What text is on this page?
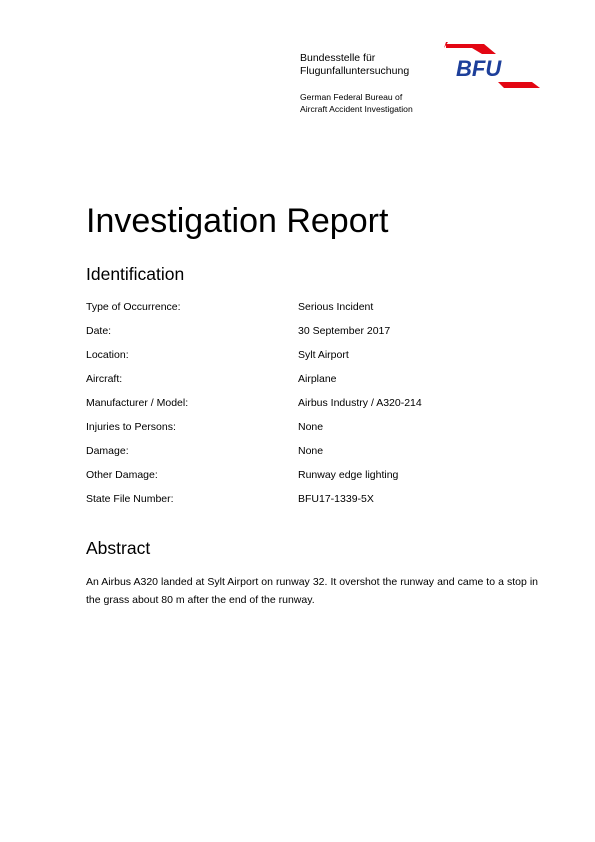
Bundesstelle für
Flugunfalluntersuchung
German Federal Bureau of
Aircraft Accident Investigation
BFU
Investigation Report
Identification
Type of Occurrence:	Serious Incident
Date:	30 September 2017
Location:	Sylt Airport
Aircraft:	Airplane
Manufacturer / Model:	Airbus Industry / A320-214
Injuries to Persons:	None
Damage:	None
Other Damage:	Runway edge lighting
State File Number:	BFU17-1339-5X
Abstract

An Airbus A320 landed at Sylt Airport on runway 32. It overshot the runway and came to a stop in the grass about 80 m after the end of the runway.
